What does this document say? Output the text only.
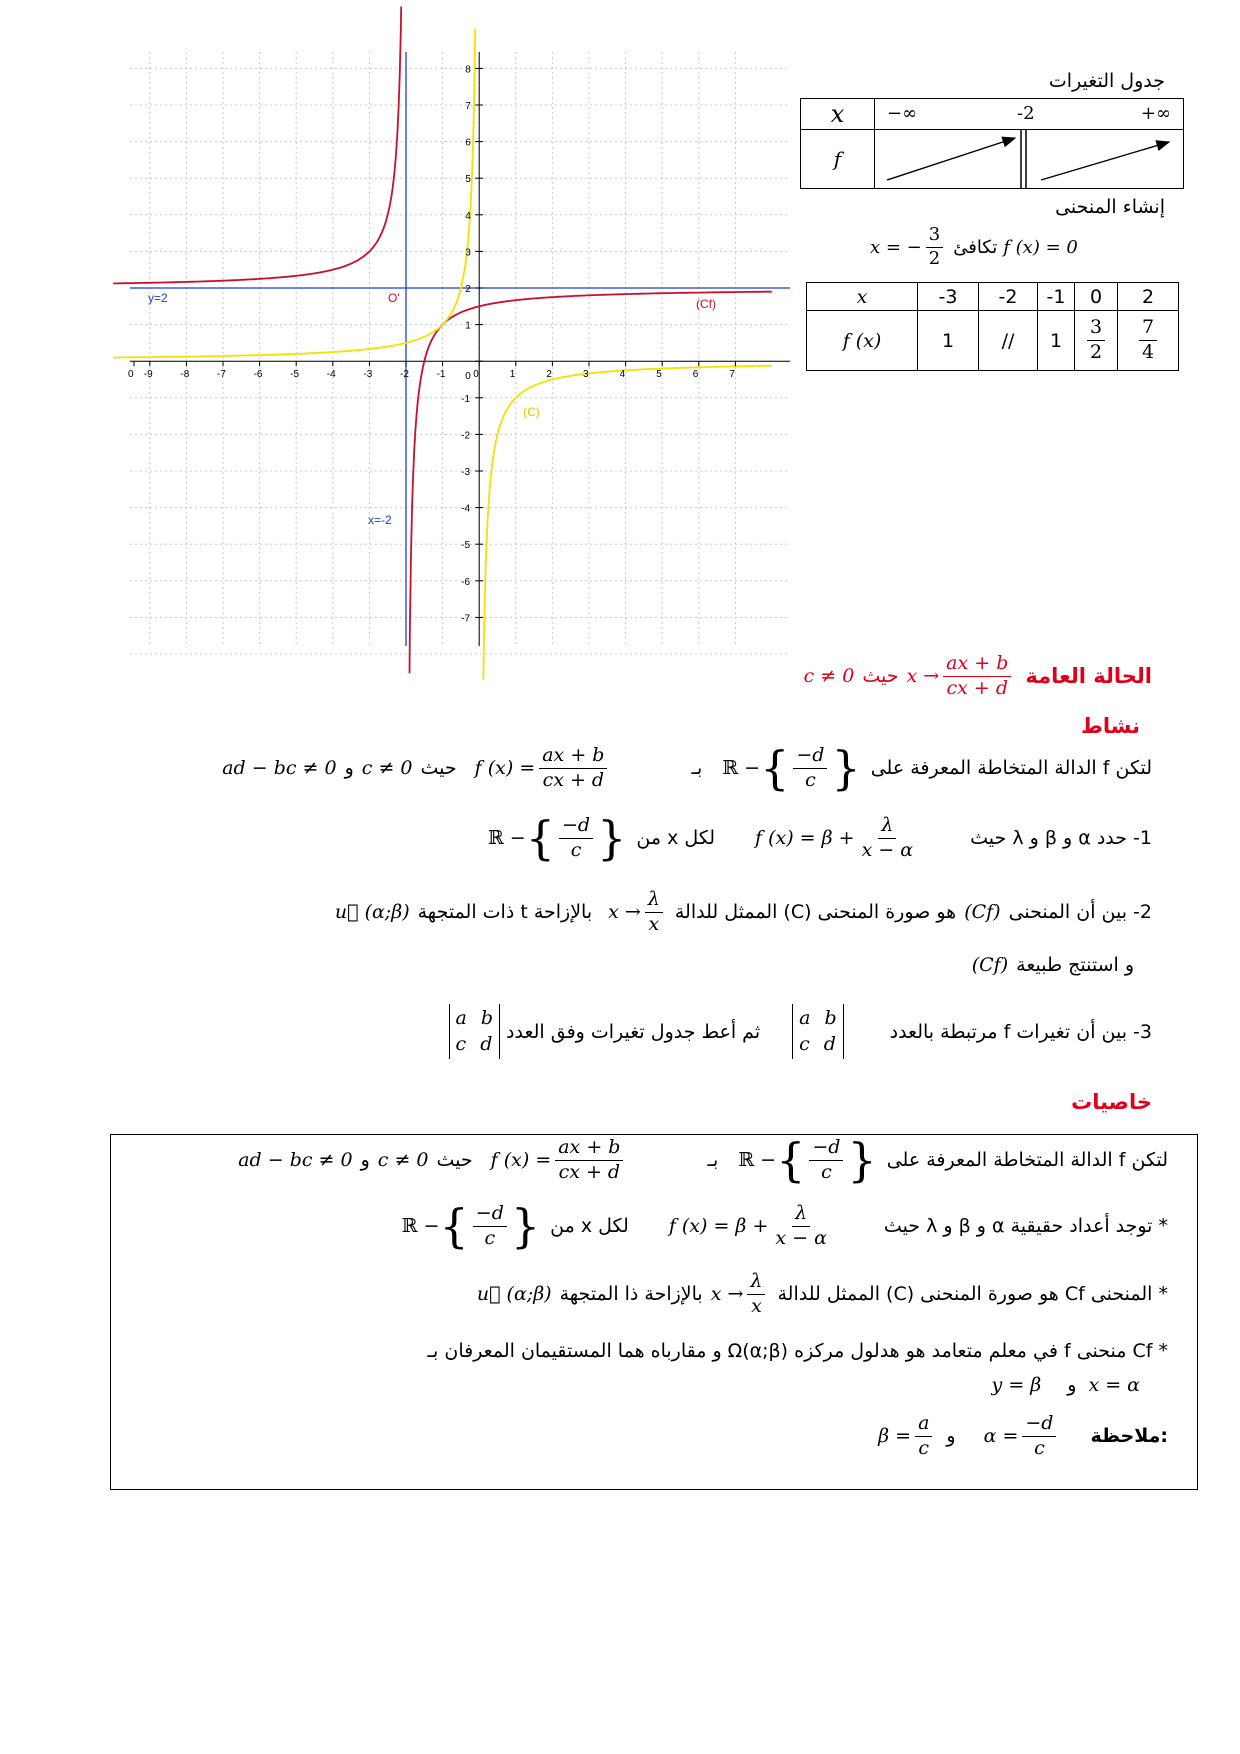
0 -9	-8	-7	-6	-5	-4	-3	-2	-1	0	1	2	3	4	5	6	7
8
7
6
5
4
3
2
1
0
-1
-2
-3
-4
-5
-6
-7
y=2	O'	(Cf)
(C)
x=-2
جدول التغيرات
x	−∞ -2 +∞

f	
إنشاء المنحنى
x = − $\frac{3}{2}$ تكافئ f (x) = 0
x	-3	-2	-1	0	2
f (x)	1	//	1	$\frac{3}{2}$	$\frac{7}{4}$
c ≠ 0 حيث $x \to \frac{ax + b}{cx + d}$ الحالة العامة
نشاط
ad − bc ≠ 0 و c ≠ 0 حيث f $(x) = \frac{ax + b}{cx + d}$	بـ ℝ − { $\frac{-d}{c}$ } لتكن f الدالة المتخاطة المعرفة على
ℝ − { $\frac{-d}{c}$ } لكل x من f $(x) = \beta + \frac{\lambda}{x - \alpha}$	1- حدد α و β و λ حيث
u⃗ (α;β) بالإزاحة t ذات المتجهة $x \to \frac{\lambda}{x}$ هو صورة المنحنى (C) الممثل للدالة (Cf) 2- بين أن المنحنى
(Cf) و استنتج طبيعة
a b
c d
ثم أعط جدول تغيرات وفق العدد
a b
c d
3- بين أن تغيرات f مرتبطة بالعدد
خاصيات
ad − bc ≠ 0 و c ≠ 0 حيث f $(x) = \frac{ax + b}{cx + d}$	بـ ℝ − { $\frac{-d}{c}$ } لتكن f الدالة المتخاطة المعرفة على
ℝ − { $\frac{-d}{c}$ } لكل x من f $(x) = \beta + \frac{\lambda}{x - \alpha}$	* توجد أعداد حقيقية α و β و λ حيث
u⃗ (α;β) بالإزاحة ذا المتجهة $x \to \frac{\lambda}{x}$ * المنحنى Cf هو صورة المنحنى (C) الممثل للدالة
* Cf منحنى f في معلم متعامد هو هدلول مركزه Ω(α;β) و مقارباه هما المستقيمان المعرفان بـ
y = β و x = α
$\beta = \frac{a}{c}$ و $\alpha = \frac{-d}{c}$ ملاحظة:
